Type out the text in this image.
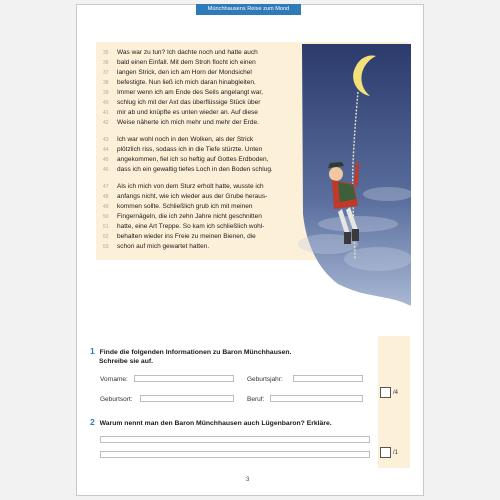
Münchhausens Reise zum Mond
35	Was war zu tun? Ich dachte noch und hatte auch
36	bald einen Einfall. Mit dem Stroh flocht ich einen
37	langen Strick, den ich am Horn der Mondsichel
38	befestigte. Nun ließ ich mich daran hinabgleiten.
39	Immer wenn ich am Ende des Seils angelangt war,
40	schlug ich mit der Axt das überflüssige Stück über
41	mir ab und knüpfte es unten wieder an. Auf diese
42	Weise näherte ich mich mehr und mehr der Erde.
43	Ich war wohl noch in den Wolken, als der Strick
44	plötzlich riss, sodass ich in die Tiefe stürzte. Unten
45	angekommen, fiel ich so heftig auf Gottes Erdboden,
46	dass ich ein gewaltig tiefes Loch in den Boden schlug.
47	Als ich mich von dem Sturz erholt hatte, wusste ich
48	anfangs nicht, wie ich wieder aus der Grube heraus-
49	kommen sollte. Schließlich grub ich mit meinen
50	Fingernägeln, die ich zehn Jahre nicht geschnitten
51	hatte, eine Art Treppe. So kam ich schließlich wohl-
52	behalten wieder ins Freie zu meinen Bienen, die
53	schon auf mich gewartet hatten.
1 Finde die folgenden Informationen zu Baron Münchhausen.
Schreibe sie auf.
Vorname:	Geburtsjahr:
Geburtsort:	Beruf:
/4
2 Warum nennt man den Baron Münchhausen auch Lügenbaron? Erkläre.
/1
3
